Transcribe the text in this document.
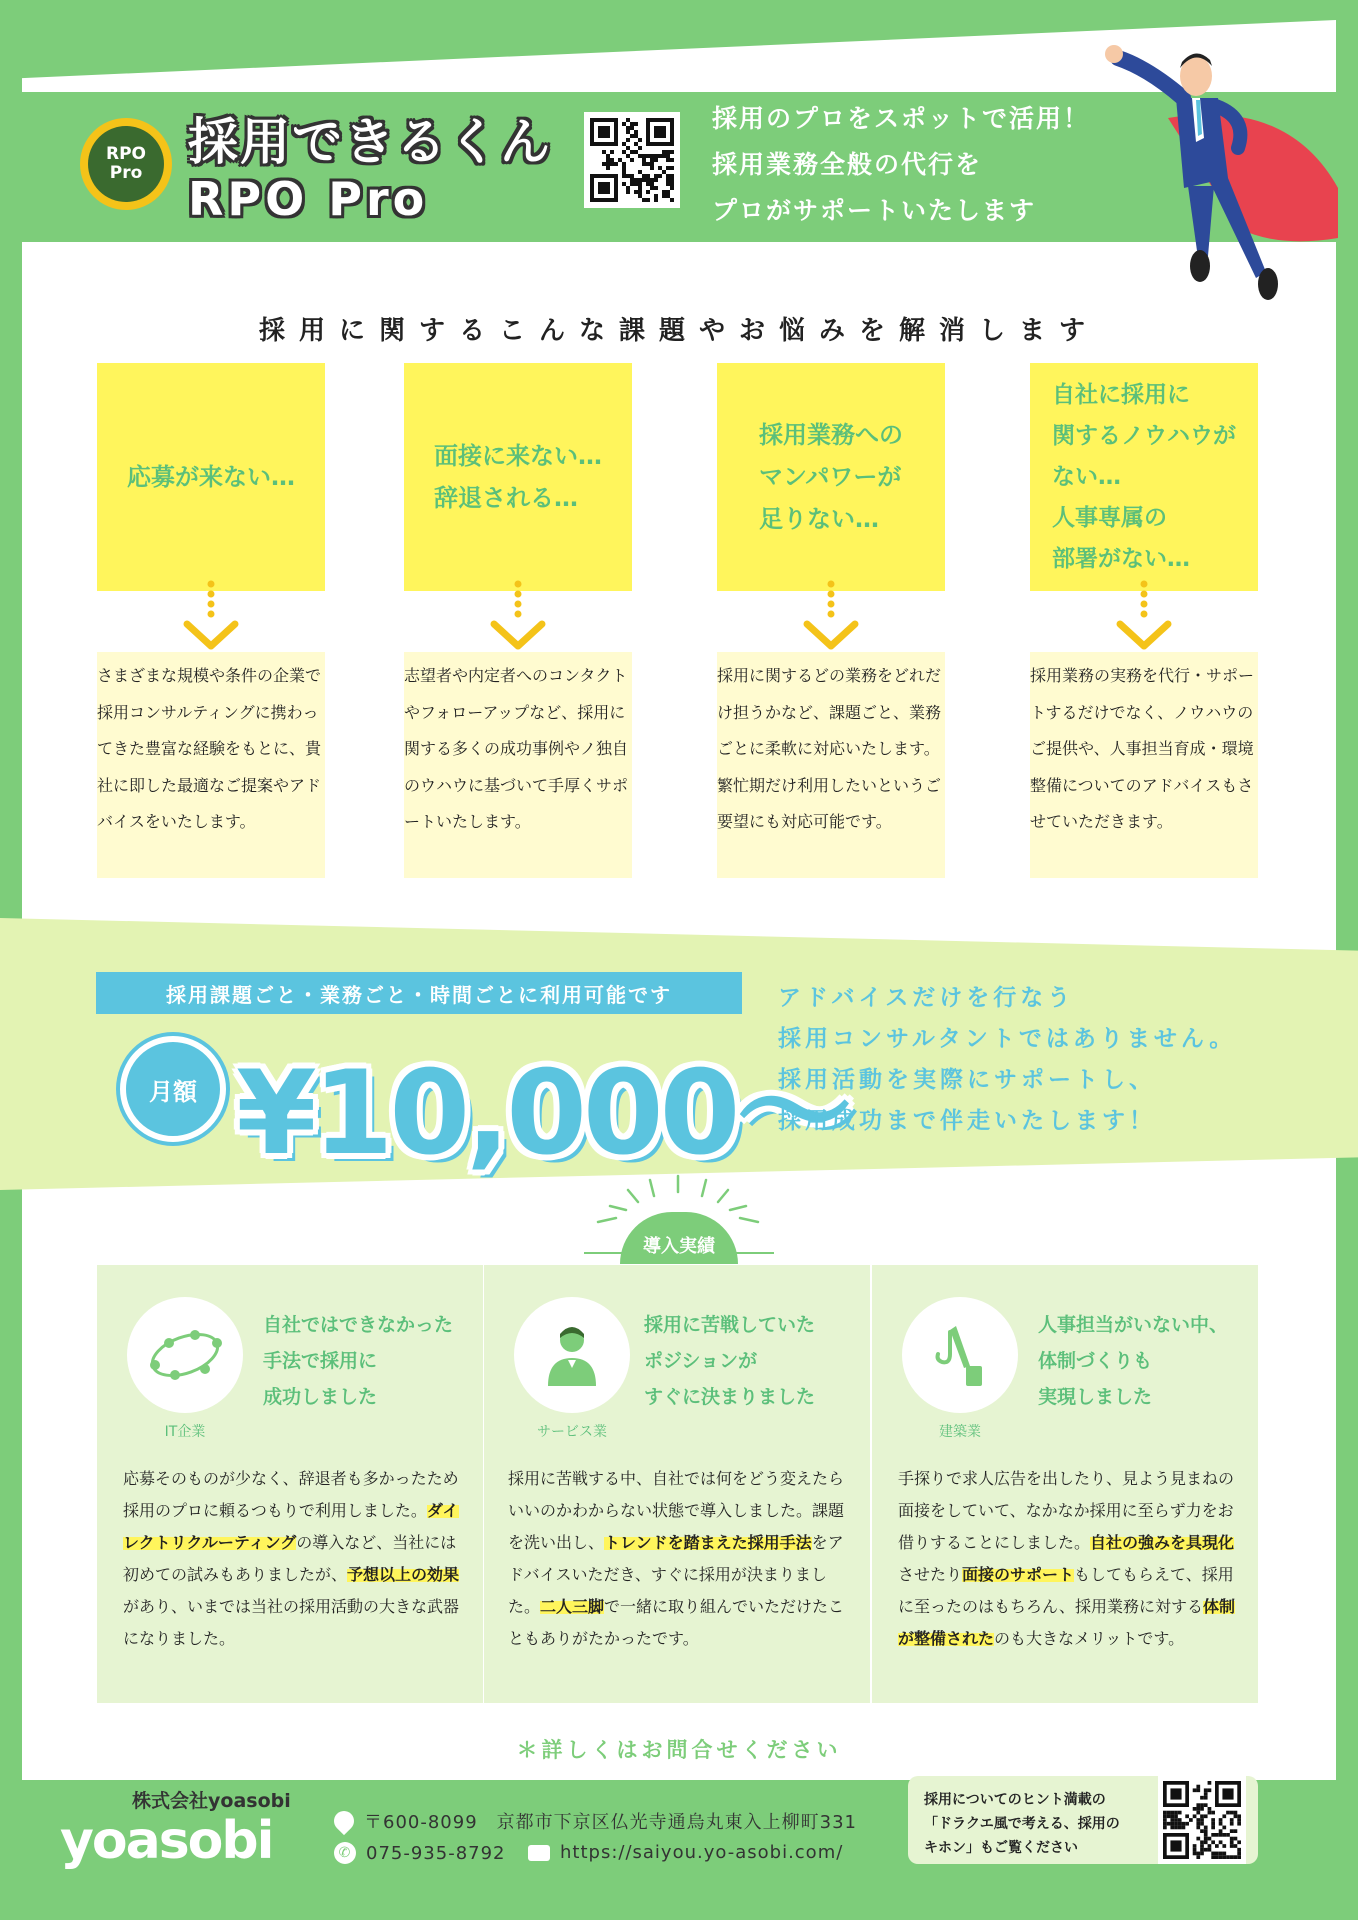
RPO
Pro
採用できるくん
RPO Pro
採用のプロをスポットで活用！
採用業務全般の代行を
プロがサポートいたします
採用に関するこんな課題やお悩みを解消します
応募が来ない…
面接に来ない…
辞退される…
採用業務への
マンパワーが
足りない…
自社に採用に
関するノウハウが
ない…
人事専属の
部署がない…
さまざまな規模や条件の企業で採用コンサルティングに携わってきた豊富な経験をもとに、貴社に即した最適なご提案やアドバイスをいたします。
志望者や内定者へのコンタクトやフォローアップなど、採用に関する多くの成功事例やノ独自のウハウに基づいて手厚くサポートいたします。
採用に関するどの業務をどれだけ担うかなど、課題ごと、業務ごとに柔軟に対応いたします。繁忙期だけ利用したいというご要望にも対応可能です。
採用業務の実務を代行・サポートするだけでなく、ノウハウのご提供や、人事担当育成・環境整備についてのアドバイスもさせていただきます。
採用課題ごと・業務ごと・時間ごとに利用可能です
月額 ¥10,000～
アドバイスだけを行なう
採用コンサルタントではありません。
採用活動を実際にサポートし、
採用成功まで伴走いたします！
導入実績
IT企業
自社ではできなかった
手法で採用に
成功しました
応募そのものが少なく、辞退者も多かったため採用のプロに頼るつもりで利用しました。ダイレクトリクルーティングの導入など、当社には初めての試みもありましたが、予想以上の効果があり、いまでは当社の採用活動の大きな武器になりました。
サービス業
採用に苦戦していた
ポジションが
すぐに決まりました
採用に苦戦する中、自社では何をどう変えたらいいのかわからない状態で導入しました。課題を洗い出し、トレンドを踏まえた採用手法をアドバイスいただき、すぐに採用が決まりました。二人三脚で一緒に取り組んでいただけたこともありがたかったです。
建築業
人事担当がいない中、
体制づくりも
実現しました
手探りで求人広告を出したり、見よう見まねの面接をしていて、なかなか採用に至らず力をお借りすることにしました。自社の強みを具現化させたり面接のサポートもしてもらえて、採用に至ったのはもちろん、採用業務に対する体制が整備されたのも大きなメリットです。
＊詳しくはお問合せください
株式会社yoasobi
yoasobi	〒600-8099　京都市下京区仏光寺通烏丸東入上柳町331
✆ 075-935-8792	https://saiyou.yo-asobi.com/
採用についてのヒント満載の
「ドラクエ風で考える、採用の
キホン」もご覧ください
